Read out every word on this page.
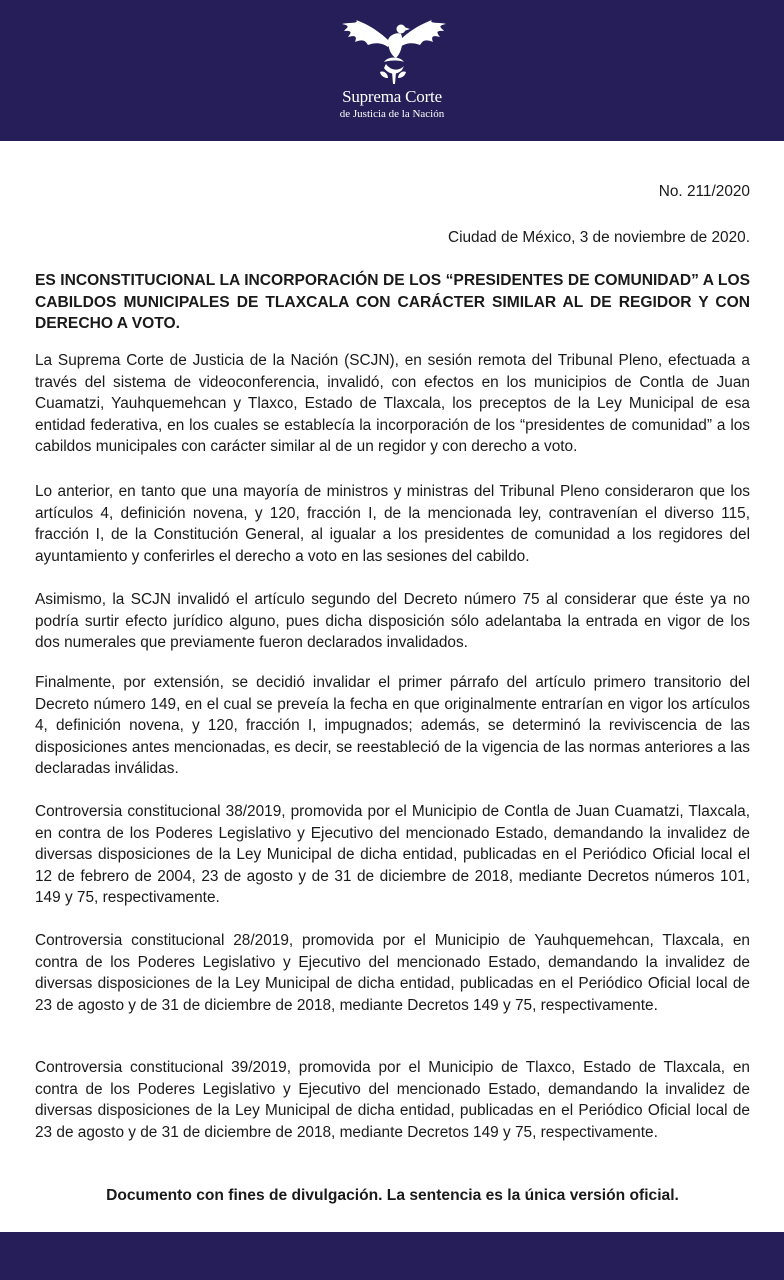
Suprema Corte
de Justicia de la Nación
No. 211/2020
Ciudad de México, 3 de noviembre de 2020.

ES INCONSTITUCIONAL LA INCORPORACIÓN DE LOS “PRESIDENTES DE COMUNIDAD” A LOS CABILDOS MUNICIPALES DE TLAXCALA CON CARÁCTER SIMILAR AL DE REGIDOR Y CON DERECHO A VOTO.

La Suprema Corte de Justicia de la Nación (SCJN), en sesión remota del Tribunal Pleno, efectuada a través del sistema de videoconferencia, invalidó, con efectos en los municipios de Contla de Juan Cuamatzi, Yauhquemehcan y Tlaxco, Estado de Tlaxcala, los preceptos de la Ley Municipal de esa entidad federativa, en los cuales se establecía la incorporación de los “presidentes de comunidad” a los cabildos municipales con carácter similar al de un regidor y con derecho a voto.

Lo anterior, en tanto que una mayoría de ministros y ministras del Tribunal Pleno consideraron que los artículos 4, definición novena, y 120, fracción I, de la mencionada ley, contravenían el diverso 115, fracción I, de la Constitución General, al igualar a los presidentes de comunidad a los regidores del ayuntamiento y conferirles el derecho a voto en las sesiones del cabildo.

Asimismo, la SCJN invalidó el artículo segundo del Decreto número 75 al considerar que éste ya no podría surtir efecto jurídico alguno, pues dicha disposición sólo adelantaba la entrada en vigor de los dos numerales que previamente fueron declarados invalidados.

Finalmente, por extensión, se decidió invalidar el primer párrafo del artículo primero transitorio del Decreto número 149, en el cual se preveía la fecha en que originalmente entrarían en vigor los artículos 4, definición novena, y 120, fracción I, impugnados; además, se determinó la reviviscencia de las disposiciones antes mencionadas, es decir, se reestableció de la vigencia de las normas anteriores a las declaradas inválidas.

Controversia constitucional 38/2019, promovida por el Municipio de Contla de Juan Cuamatzi, Tlaxcala, en contra de los Poderes Legislativo y Ejecutivo del mencionado Estado, demandando la invalidez de diversas disposiciones de la Ley Municipal de dicha entidad, publicadas en el Periódico Oficial local el 12 de febrero de 2004, 23 de agosto y de 31 de diciembre de 2018, mediante Decretos números 101, 149 y 75, respectivamente.

Controversia constitucional 28/2019, promovida por el Municipio de Yauhquemehcan, Tlaxcala, en contra de los Poderes Legislativo y Ejecutivo del mencionado Estado, demandando la invalidez de diversas disposiciones de la Ley Municipal de dicha entidad, publicadas en el Periódico Oficial local de 23 de agosto y de 31 de diciembre de 2018, mediante Decretos 149 y 75, respectivamente.

Controversia constitucional 39/2019, promovida por el Municipio de Tlaxco, Estado de Tlaxcala, en contra de los Poderes Legislativo y Ejecutivo del mencionado Estado, demandando la invalidez de diversas disposiciones de la Ley Municipal de dicha entidad, publicadas en el Periódico Oficial local de 23 de agosto y de 31 de diciembre de 2018, mediante Decretos 149 y 75, respectivamente.

Documento con fines de divulgación. La sentencia es la única versión oficial.
